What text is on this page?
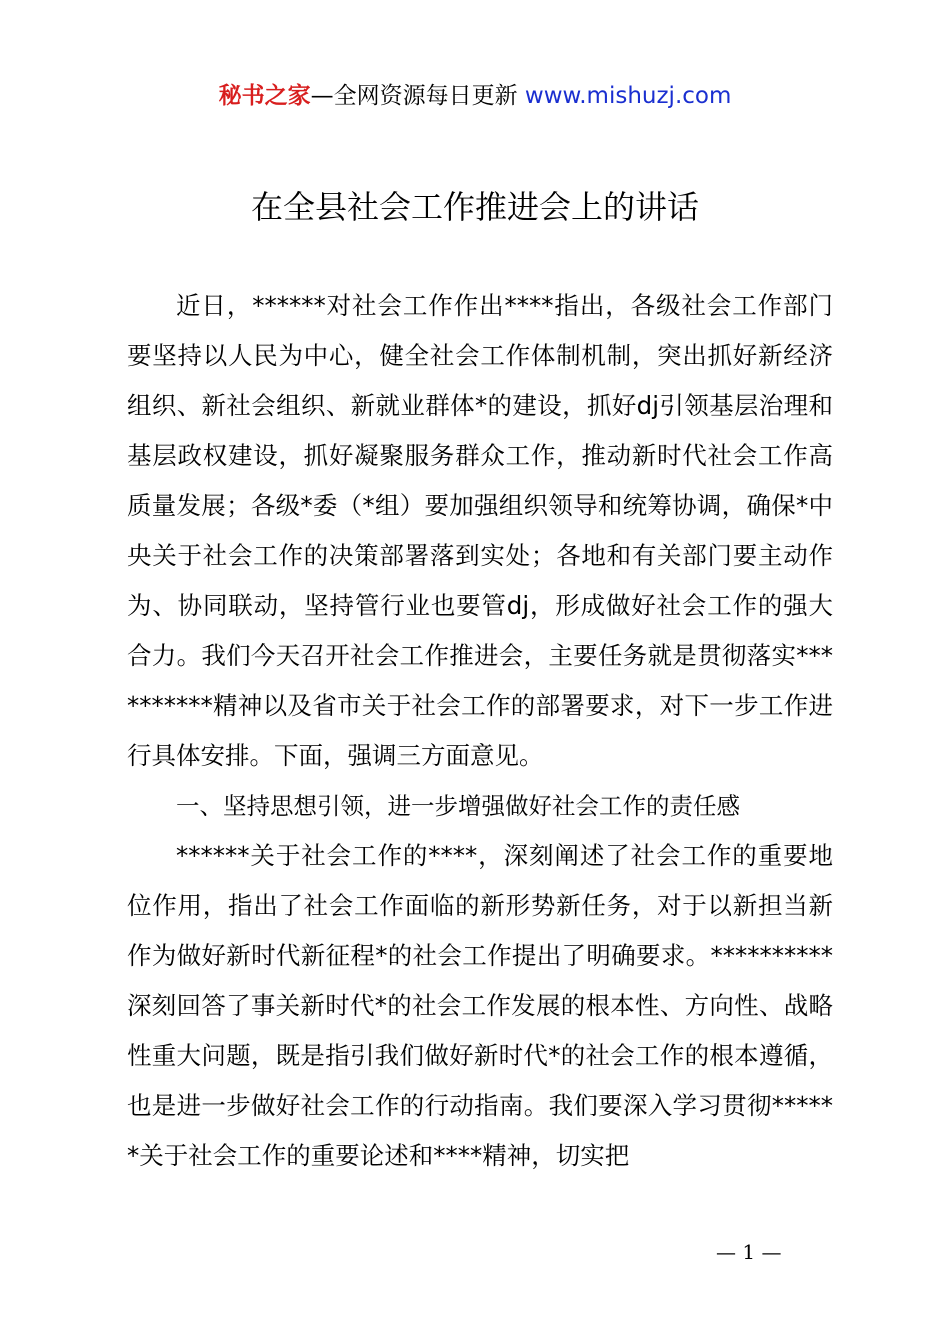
秘书之家—全网资源每日更新 www.mishuzj.com
在全县社会工作推进会上的讲话

近日，******对社会工作作出****指出，各级社会工作部门要坚持以人民为中心，健全社会工作体制机制，突出抓好新经济组织、新社会组织、新就业群体*的建设，抓好dj引领基层治理和基层政权建设，抓好凝聚服务群众工作，推动新时代社会工作高质量发展；各级*委（*组）要加强组织领导和统筹协调，确保*中央关于社会工作的决策部署落到实处；各地和有关部门要主动作为、协同联动，坚持管行业也要管dj，形成做好社会工作的强大合力。我们今天召开社会工作推进会，主要任务就是贯彻落实**********精神以及省市关于社会工作的部署要求，对下一步工作进行具体安排。下面，强调三方面意见。

一、坚持思想引领，进一步增强做好社会工作的责任感

******关于社会工作的****，深刻阐述了社会工作的重要地位作用，指出了社会工作面临的新形势新任务，对于以新担当新作为做好新时代新征程*的社会工作提出了明确要求。**********深刻回答了事关新时代*的社会工作发展的根本性、方向性、战略性重大问题，既是指引我们做好新时代*的社会工作的根本遵循，也是进一步做好社会工作的行动指南。我们要深入学习贯彻******关于社会工作的重要论述和****精神，切实把

— 1 —
